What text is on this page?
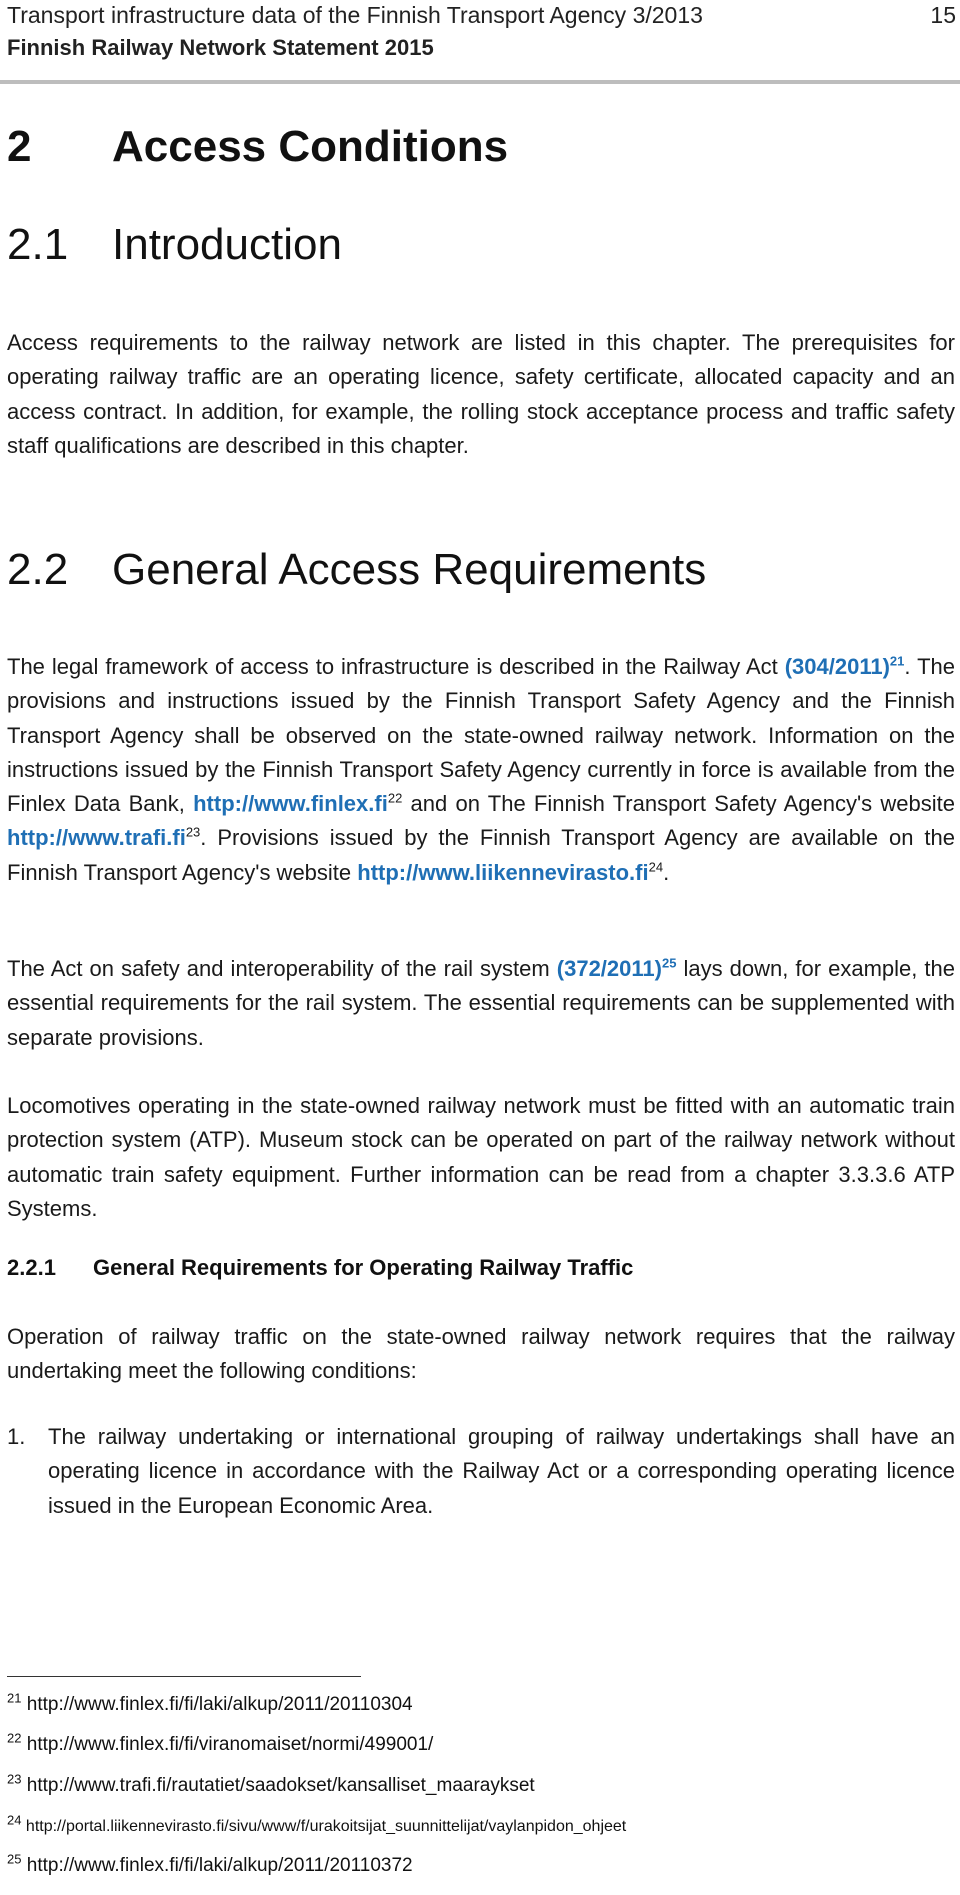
Transport infrastructure data of the Finnish Transport Agency 3/2013
Finnish Railway Network Statement 2015
15
2 Access Conditions
2.1 Introduction
Access requirements to the railway network are listed in this chapter. The prerequisites for operating railway traffic are an operating licence, safety certificate, allocated capacity and an access contract. In addition, for example, the rolling stock acceptance process and traffic safety staff qualifications are described in this chapter.
2.2 General Access Requirements
The legal framework of access to infrastructure is described in the Railway Act $(304/2011)^{21}$. The provisions and instructions issued by the Finnish Transport Safety Agency and the Finnish Transport Agency shall be observed on the state-owned railway network. Information on the instructions issued by the Finnish Transport Safety Agency currently in force is available from the Finlex Data Bank, $http://www.finlex.fi^{22}$ and on The Finnish Transport Safety Agency's website $http://www.trafi.fi^{23}$. Provisions issued by the Finnish Transport Agency are available on the Finnish Transport Agency's website $http://www.liikennevirasto.fi^{24}$.
The Act on safety and interoperability of the rail system $(372/2011)^{25}$ lays down, for example, the essential requirements for the rail system. The essential requirements can be supplemented with separate provisions.
Locomotives operating in the state-owned railway network must be fitted with an automatic train protection system (ATP). Museum stock can be operated on part of the railway network without automatic train safety equipment. Further information can be read from a chapter 3.3.3.6 ATP Systems.
2.2.1 General Requirements for Operating Railway Traffic
Operation of railway traffic on the state-owned railway network requires that the railway undertaking meet the following conditions:
1. The railway undertaking or international grouping of railway undertakings shall have an operating licence in accordance with the Railway Act or a corresponding operating licence issued in the European Economic Area.
$^{21}$ http://www.finlex.fi/fi/laki/alkup/2011/20110304
$^{22}$ http://www.finlex.fi/fi/viranomaiset/normi/499001/
$^{23}$ http://www.trafi.fi/rautatiet/saadokset/kansalliset_maaraykset
$^{24}$ http://portal.liikennevirasto.fi/sivu/www/f/urakoitsijat_suunnittelijat/vaylanpidon_ohjeet
$^{25}$ http://www.finlex.fi/fi/laki/alkup/2011/20110372
